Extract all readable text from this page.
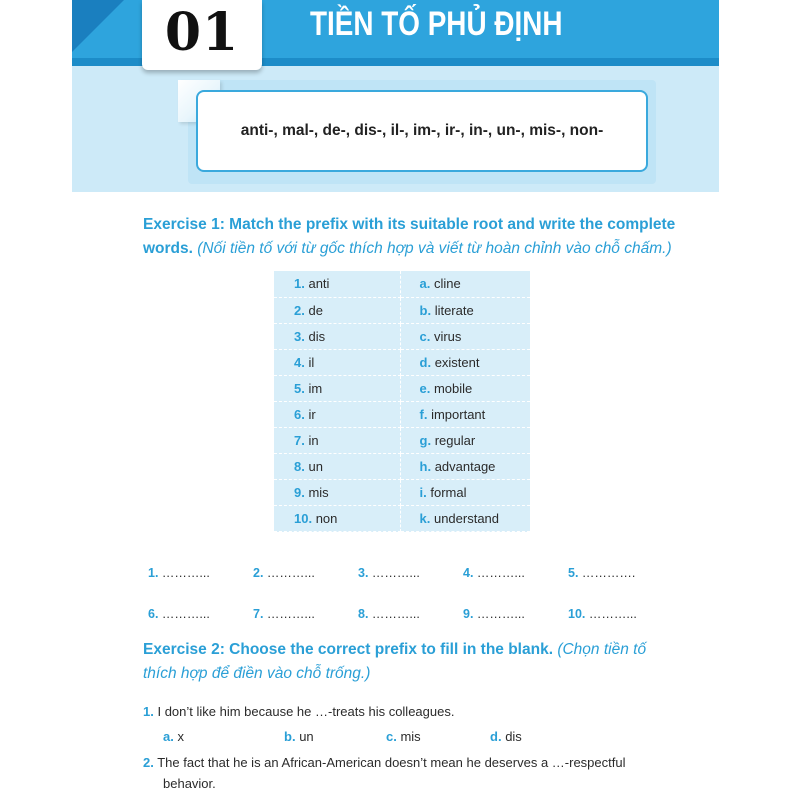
01 TIỀN TỐ PHỦ ĐỊNH
anti-, mal-, de-, dis-, il-, im-, ir-, in-, un-, mis-, non-
Exercise 1: Match the prefix with its suitable root and write the complete
words. (Nối tiền tố với từ gốc thích hợp và viết từ hoàn chỉnh vào chỗ chấm.)
1. anti	a. cline
2. de	b. literate
3. dis	c. virus
4. il	d. existent
5. im	e. mobile
6. ir	f. important
7. in	g. regular
8. un	h. advantage
9. mis	i. formal
10. non	k. understand
1. ………...	2. ………...	3. ………...	4. ………...	5. ………….
6. ………...	7. ………...	8. ………...	9. ………...	10. ………...
Exercise 2: Choose the correct prefix to fill in the blank. (Chọn tiền tố
thích hợp để điền vào chỗ trống.)
1. I don’t like him because he …-treats his colleagues.
a. x	b. un	c. mis	d. dis
2. The fact that he is an African-American doesn’t mean he deserves a …-respectful
behavior.
